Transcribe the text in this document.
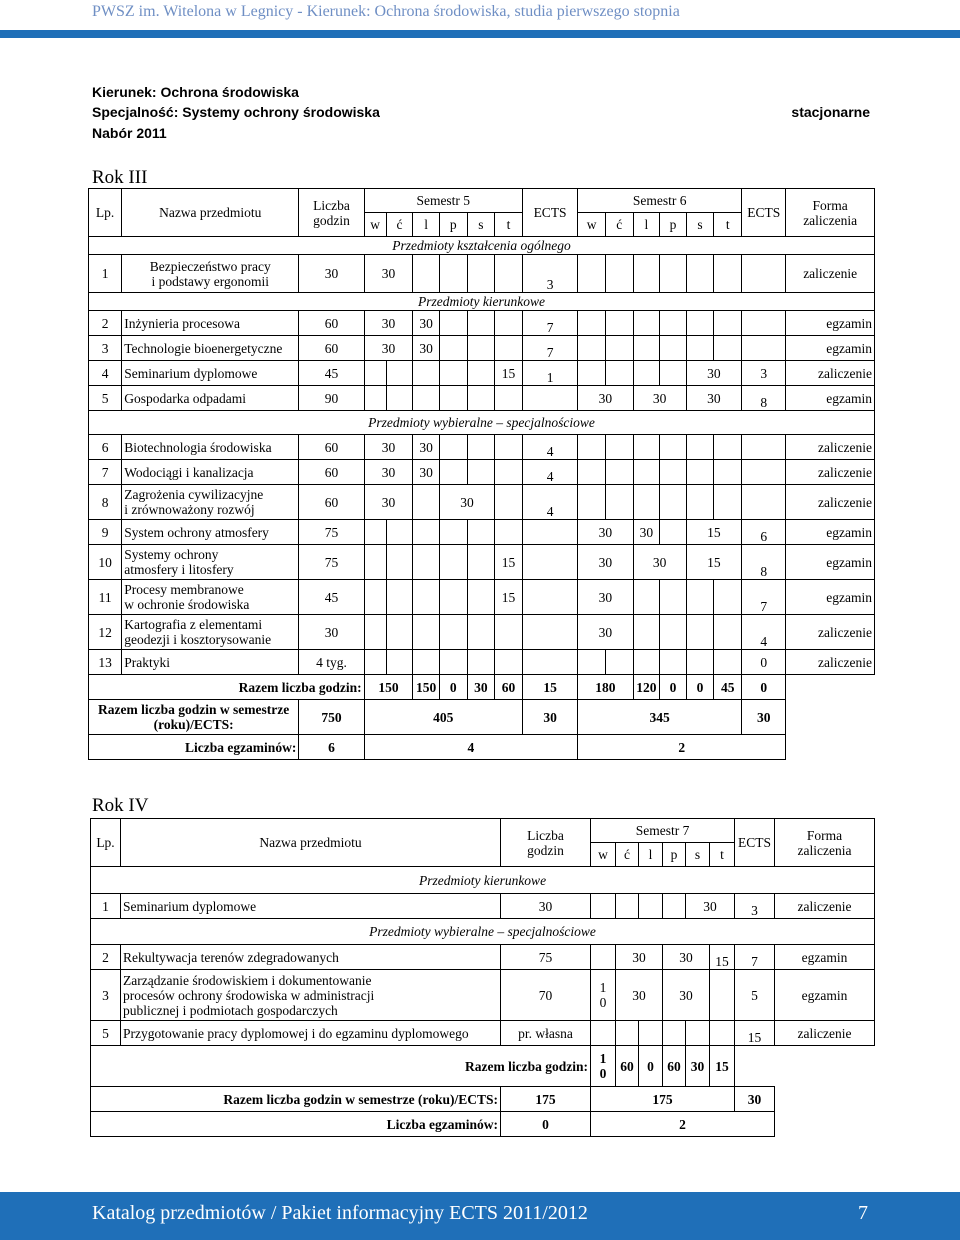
PWSZ im. Witelona w Legnicy - Kierunek: Ochrona środowiska, studia pierwszego stopnia
Kierunek: Ochrona środowiska
Specjalność: Systemy ochrony środowiska
Nabór 2011
stacjonarne
Rok III
Lp.	Nazwa przedmiotu	Liczba
godzin	Semestr 5						ECTS	Semestr 6						ECTS	Forma
zaliczenia
			w	ć	l	p	s	t		w	ć	l	p	s	t		
Przedmioty kształcenia ogólnego																	
1	Bezpieczeństwo pracy
i podstawy ergonomii	30	30						3								zaliczenie
Przedmioty kierunkowe																	
2	Inżynieria procesowa	60	30		30				7								egzamin
3	Technologie bioenergetyczne	60	30		30				7								egzamin
4	Seminarium dyplomowe	45						15	1					30		3	zaliczenie
5	Gospodarka odpadami	90								30		30		30		8	egzamin
Przedmioty wybieralne – specjalnościowe																	
6	Biotechnologia środowiska	60	30		30				4								zaliczenie
7	Wodociągi i kanalizacja	60	30		30				4								zaliczenie
8	Zagrożenia cywilizacyjne
i zrównoważony rozwój	60	30			30			4								zaliczenie
9	System ochrony atmosfery	75								30		30		15		6	egzamin
10	Systemy ochrony
atmosfery i litosfery	75						15		30		30		15		8	egzamin
11	Procesy membranowe
w ochronie środowiska	45						15		30						7	egzamin
12	Kartografia z elementami
geodezji i kosztorysowanie	30								30						4	zaliczenie
13	Praktyki	4 tyg.														0	zaliczenie
Razem liczba godzin:			150		150	0	30	60	15	180		120	0	0	45	0	
Razem liczba godzin w semestrze
(roku)/ECTS:		750	405						30	345						30	
Liczba egzaminów:		6	4							2							
Rok IV
Lp.	Nazwa przedmiotu	Liczba
godzin	Semestr 7						ECTS	Forma
zaliczenia
			w	ć	l	p	s	t		
Przedmioty kierunkowe										
1	Seminarium dyplomowe	30					30		3	zaliczenie
Przedmioty wybieralne – specjalnościowe										
2	Rekultywacja terenów zdegradowanych	75		30		30		15	7	egzamin
3	Zarządzanie środowiskiem i dokumentowanie
procesów ochrony środowiska w administracji
publicznej i podmiotach gospodarczych	70	1
0	30		30			5	egzamin
5	Przygotowanie pracy dyplomowej i do egzaminu dyplomowego	pr. własna							15	zaliczenie
Razem liczba godzin:			1
0	60	0	60	30	15		
Razem liczba godzin w semestrze (roku)/ECTS:		175	175						30	
Liczba egzaminów:		0	2							
Katalog przedmiotów / Pakiet informacyjny ECTS 2011/2012	7
